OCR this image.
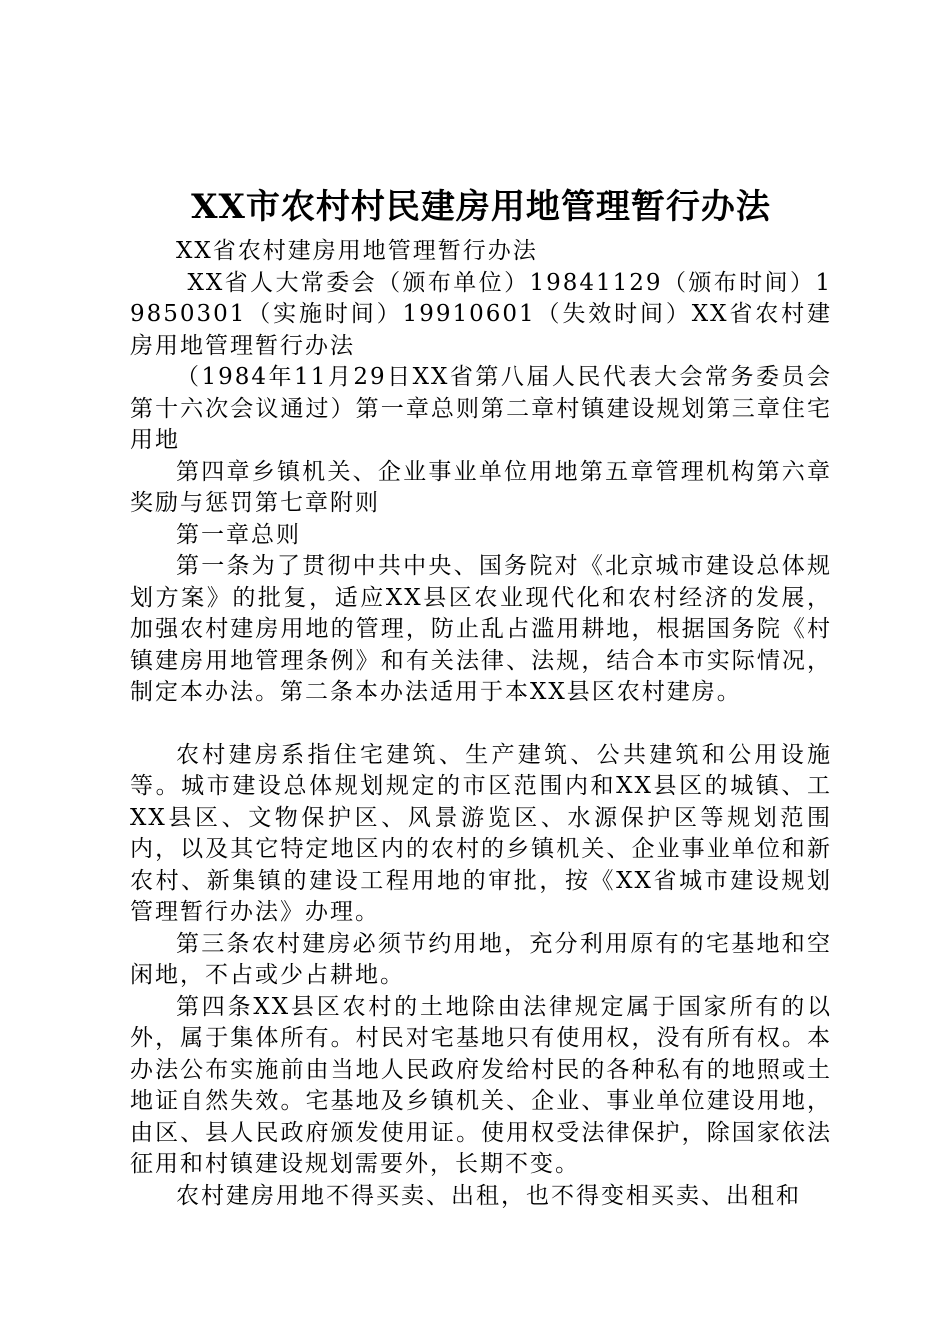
XX市农村村民建房用地管理暂行办法

XX省农村建房用地管理暂行办法

XX省人大常委会（颁布单位）19841129（颁布时间）19850301（实施时间）19910601（失效时间）XX省农村建房用地管理暂行办法

（1984年11月29日XX省第八届人民代表大会常务委员会第十六次会议通过）第一章总则第二章村镇建设规划第三章住宅用地

第四章乡镇机关、企业事业单位用地第五章管理机构第六章奖励与惩罚第七章附则

第一章总则

第一条为了贯彻中共中央、国务院对《北京城市建设总体规划方案》的批复，适应XX县区农业现代化和农村经济的发展，加强农村建房用地的管理，防止乱占滥用耕地，根据国务院《村镇建房用地管理条例》和有关法律、法规，结合本市实际情况，制定本办法。第二条本办法适用于本XX县区农村建房。

农村建房系指住宅建筑、生产建筑、公共建筑和公用设施等。城市建设总体规划规定的市区范围内和XX县区的城镇、工XX县区、文物保护区、风景游览区、水源保护区等规划范围内，以及其它特定地区内的农村的乡镇机关、企业事业单位和新农村、新集镇的建设工程用地的审批，按《XX省城市建设规划管理暂行办法》办理。

第三条农村建房必须节约用地，充分利用原有的宅基地和空闲地，不占或少占耕地。

第四条XX县区农村的土地除由法律规定属于国家所有的以外，属于集体所有。村民对宅基地只有使用权，没有所有权。本办法公布实施前由当地人民政府发给村民的各种私有的地照或土地证自然失效。宅基地及乡镇机关、企业、事业单位建设用地，由区、县人民政府颁发使用证。使用权受法律保护，除国家依法征用和村镇建设规划需要外，长期不变。

农村建房用地不得买卖、出租，也不得变相买卖、出租和
